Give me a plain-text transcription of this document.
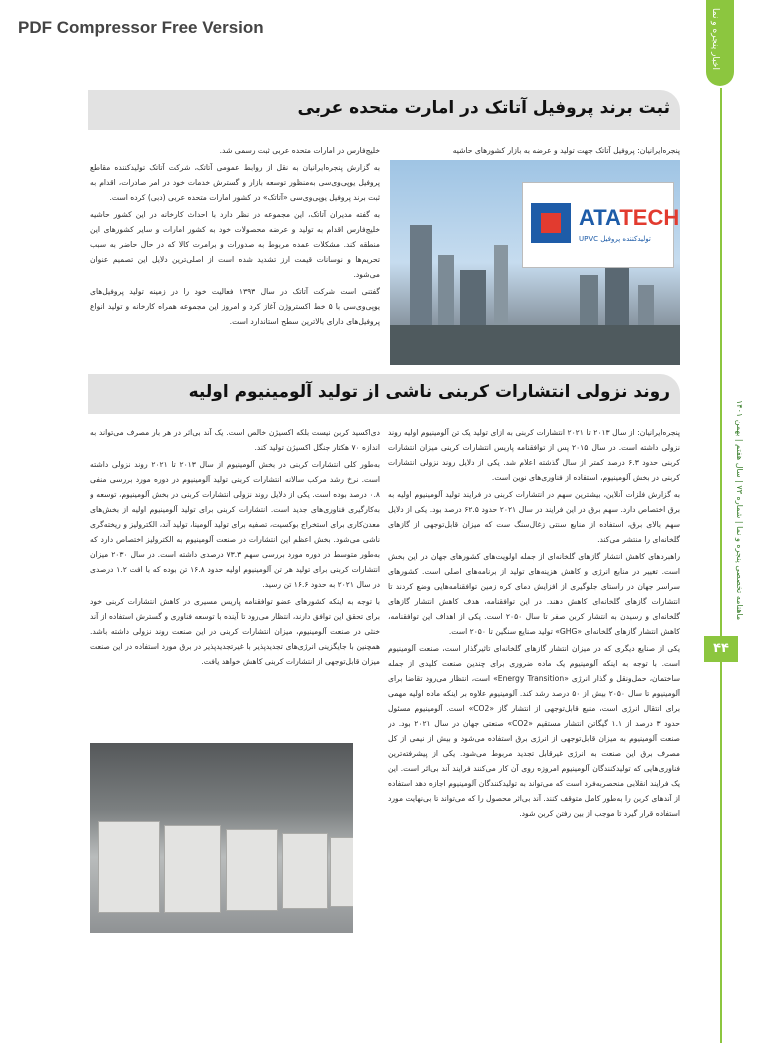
PDF Compressor Free Version	اخبار پنجره و نما
ماهنامه تخصصی پنجره و نما | شماره ۷۳ | سال هفتم | بهمن ۱۴۰۱
۴۴
ثبت برند پروفیل آتاتک در امارت متحده عربی

پنجره‌ایرانیان: پروفیل آتاتک جهت تولید و عرضه به بازار کشورهای حاشیه

خلیج‌فارس در امارات متحده عربی ثبت رسمی شد.

به گزارش پنجره‌ایرانیان به نقل از روابط عمومی آتاتک، شرکت آتاتک تولیدکننده مقاطع پروفیل یو‌پی‌وی‌سی به‌منظور توسعه بازار و گسترش خدمات خود در امر صادرات، اقدام به ثبت برند پروفیل یو‌پی‌وی‌سی «آتاتک» در کشور امارات متحده عربی (دبی) کرده است.

به گفته مدیران آتاتک، این مجموعه در نظر دارد با احداث کارخانه در این کشور حاشیه خلیج‌فارس اقدام به تولید و عرضه محصولات خود به کشور امارات و سایر کشورهای این منطقه کند. مشکلات عمده مربوط به صدورات و برامرت کالا که در حال حاضر به سبب تحریم‌ها و نوسانات قیمت ارز تشدید شده است از اصلی‌ترین دلایل این تصمیم عنوان می‌شود.

گفتنی است شرکت آتاتک در سال ۱۳۹۳ فعالیت خود را در زمینه تولید پروفیل‌های یو‌پی‌وی‌سی با ۵ خط اکستروژن آغاز کرد و امروز این مجموعه همراه کارخانه و تولید انواع پروفیل‌های دارای بالاترین سطح استاندارد است.

ATATECH
تولیدکننده پروفیل UPVC
روند نزولی انتشارات کربنی ناشی از تولید آلومینیوم اولیه

پنجره‌ایرانیان: از سال ۲۰۱۳ تا ۲۰۲۱ انتشارات کربنی به ازای تولید یک تن آلومینیوم اولیه روند نزولی داشته است. در سال ۲۰۱۵ پس از توافقنامه پاریس انتشارات کربنی میزان انتشارات کربنی حدود ۶.۳ درصد کمتر از سال گذشته اعلام شد. یکی از دلایل روند نزولی انتشارات کربنی در بخش آلومینیوم، استفاده از فناوری‌های نوین است.

به گزارش فلزات آنلاین، بیشترین سهم در انتشارات کربنی در فرایند تولید آلومینیوم اولیه به برق اختصاص دارد. سهم برق در این فرایند در سال ۲۰۲۱ حدود ۶۲.۵ درصد بود. یکی از دلایل سهم بالای برق، استفاده از منابع سنتی زغال‌سنگ ست که میزان قابل‌توجهی از گازهای گلخانه‌ای را منتشر می‌کند.

راهبردهای کاهش انتشار گازهای گلخانه‌ای از جمله اولویت‌های کشورهای جهان در این بخش است. تغییر در منابع انرژی و کاهش هزینه‌های تولید از برنامه‌های اصلی است. کشورهای سراسر جهان در راستای جلوگیری از افزایش دمای کره زمین توافقنامه‌هایی وضع کردند تا انتشارات گازهای گلخانه‌ای کاهش دهند. در این توافقنامه، هدف کاهش انتشار گازهای گلخانه‌ای و رسیدن به انتشار کربن صفر تا سال ۲۰۵۰ است. یکی از اهداف این توافقنامه، کاهش انتشار گازهای گلخانه‌ای «GHG» تولید صنایع سنگین تا ۲۰۵۰ است.

یکی از صنایع دیگری که در میزان انتشار گازهای گلخانه‌ای تاثیرگذار است، صنعت آلومینیوم است. با توجه به اینکه آلومینیوم یک ماده ضروری برای چندین صنعت کلیدی از جمله ساختمان، حمل‌ونقل و گذار انرژی «Energy Transition» است، انتظار می‌رود تقاضا برای آلومینیوم تا سال ۲۰۵۰ بیش از ۵۰ درصد رشد کند. آلومینیوم علاوه بر اینکه ماده اولیه مهمی برای انتقال انرژی است، منبع قابل‌توجهی از انتشار گاز «CO2» است. آلومینیوم مسئول حدود ۳ درصد از ۱.۱ گیگاتن انتشار مستقیم «CO2» صنعتی جهان در سال ۲۰۲۱ بود. در صنعت آلومینیوم به میزان قابل‌توجهی از انرژی برق استفاده می‌شود و بیش از نیمی از کل مصرف برق این صنعت به انرژی غیرقابل تجدید مربوط می‌شود. یکی از پیشرفته‌ترین فناوری‌هایی که تولیدکنندگان آلومینیوم امروزه روی آن کار می‌کنند فرایند آند بی‌اثر است. این یک فرایند انقلابی منحصربه‌فرد است که می‌تواند به تولیدکنندگان آلومینیوم اجازه دهد استفاده از آندهای کربن را به‌طور کامل متوقف کنند. آند بی‌اثر محصول را که می‌تواند تا بی‌نهایت مورد استفاده قرار گیرد تا موجب از بین رفتن کربن شود.

دی‌اکسید کربن نیست بلکه اکسیژن خالص است. یک آند بی‌اثر در هر بار مصرف می‌تواند به اندازه ۷۰ هکتار جنگل اکسیژن تولید کند.

به‌طور کلی انتشارات کربنی در بخش آلومینیوم از سال ۲۰۱۳ تا ۲۰۲۱ روند نزولی داشته است. نرخ رشد مرکب سالانه انتشارات کربنی تولید آلومینیوم در دوره مورد بررسی منفی ۰.۸ درصد بوده است. یکی از دلایل روند نزولی انتشارات کربنی در بخش آلومینیوم، توسعه و به‌کارگیری فناوری‌های جدید است. انتشارات کربنی برای تولید آلومینیوم اولیه از بخش‌های معدن‌کاری برای استخراج بوکسیت، تصفیه برای تولید آلومینا، تولید آند، الکترولیز و ریخته‌گری ناشی می‌شود. بخش اعظم این انتشارات در صنعت آلومینیوم به الکترولیز اختصاص دارد که به‌طور متوسط در دوره مورد بررسی سهم ۷۳.۳ درصدی داشته است. در سال ۲۰۳۰ میزان انتشارات کربنی برای تولید هر تن آلومینیوم اولیه حدود ۱۶.۸ تن بوده که با افت ۱.۲ درصدی در سال ۲۰۲۱ به حدود ۱۶.۶ تن رسید.

با توجه به اینکه کشورهای عضو توافقنامه پاریس مسیری در کاهش انتشارات کربنی خود برای تحقق این توافق دارند، انتظار می‌رود تا آینده با توسعه فناوری و گسترش استفاده از آند خنثی در صنعت آلومینیوم، میزان انتشارات کربنی در این صنعت روند نزولی داشته باشد. همچنین با جایگزینی انرژی‌های تجدیدپذیر با غیرتجدیدپذیر در برق مورد استفاده در این صنعت میزان قابل‌توجهی از انتشارات کربنی کاهش خواهد یافت.
